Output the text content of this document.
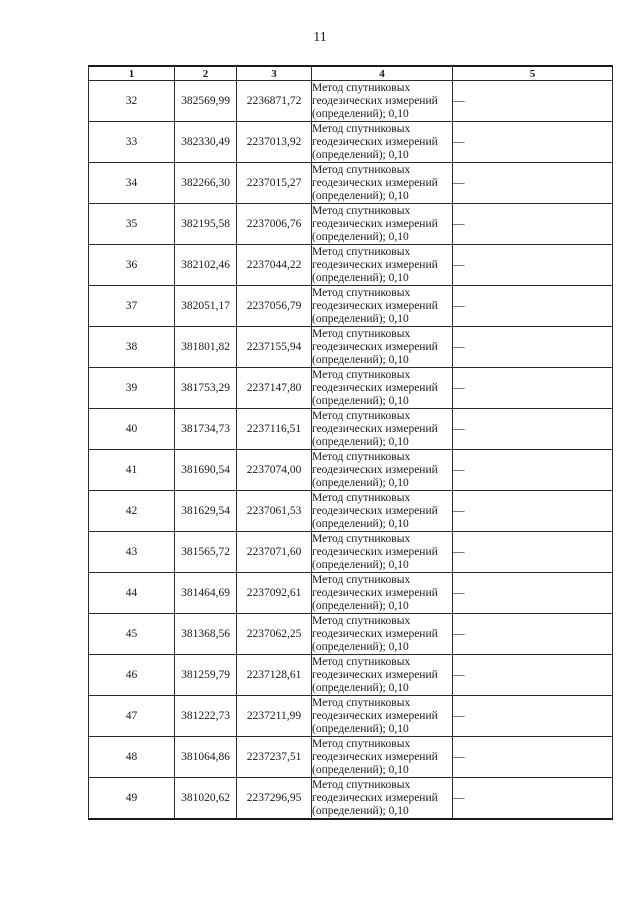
11
1	2	3	4	5
32	382569,99	2236871,72	Метод спутниковых
геодезических измерений
(определений); 0,10	—
33	382330,49	2237013,92	Метод спутниковых
геодезических измерений
(определений); 0,10	—
34	382266,30	2237015,27	Метод спутниковых
геодезических измерений
(определений); 0,10	—
35	382195,58	2237006,76	Метод спутниковых
геодезических измерений
(определений); 0,10	—
36	382102,46	2237044,22	Метод спутниковых
геодезических измерений
(определений); 0,10	—
37	382051,17	2237056,79	Метод спутниковых
геодезических измерений
(определений); 0,10	—
38	381801,82	2237155,94	Метод спутниковых
геодезических измерений
(определений); 0,10	—
39	381753,29	2237147,80	Метод спутниковых
геодезических измерений
(определений); 0,10	—
40	381734,73	2237116,51	Метод спутниковых
геодезических измерений
(определений); 0,10	—
41	381690,54	2237074,00	Метод спутниковых
геодезических измерений
(определений); 0,10	—
42	381629,54	2237061,53	Метод спутниковых
геодезических измерений
(определений); 0,10	—
43	381565,72	2237071,60	Метод спутниковых
геодезических измерений
(определений); 0,10	—
44	381464,69	2237092,61	Метод спутниковых
геодезических измерений
(определений); 0,10	—
45	381368,56	2237062,25	Метод спутниковых
геодезических измерений
(определений); 0,10	—
46	381259,79	2237128,61	Метод спутниковых
геодезических измерений
(определений); 0,10	—
47	381222,73	2237211,99	Метод спутниковых
геодезических измерений
(определений); 0,10	—
48	381064,86	2237237,51	Метод спутниковых
геодезических измерений
(определений); 0,10	—
49	381020,62	2237296,95	Метод спутниковых
геодезических измерений
(определений); 0,10	—
